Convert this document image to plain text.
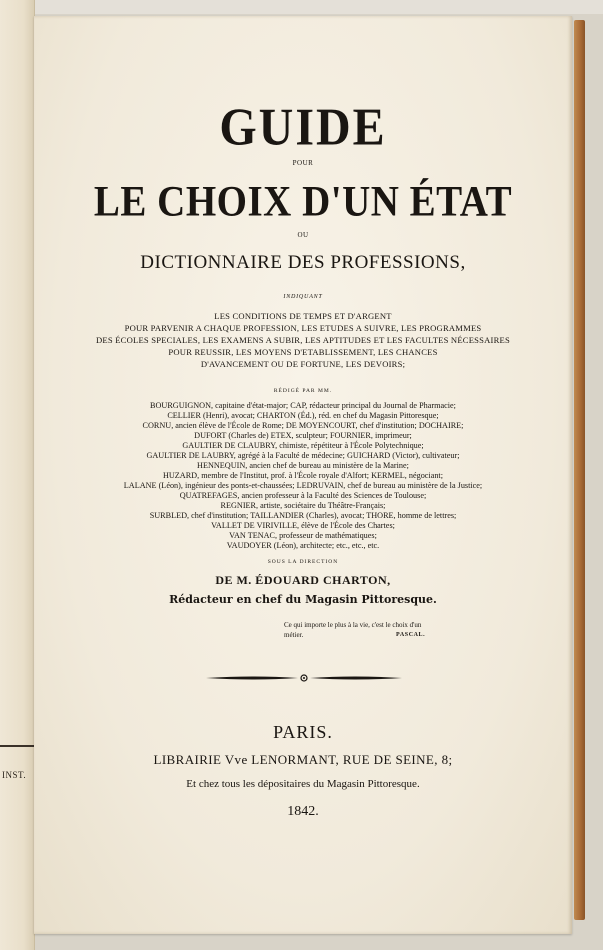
INST.
GUIDE
POUR
LE CHOIX D'UN ÉTAT
OU
DICTIONNAIRE DES PROFESSIONS,
INDIQUANT
LES CONDITIONS DE TEMPS ET D'ARGENT
POUR PARVENIR A CHAQUE PROFESSION, LES ETUDES A SUIVRE, LES PROGRAMMES
DES ÉCOLES SPECIALES, LES EXAMENS A SUBIR, LES APTITUDES ET LES FACULTES NÉCESSAIRES
POUR REUSSIR, LES MOYENS D'ETABLISSEMENT, LES CHANCES
D'AVANCEMENT OU DE FORTUNE, LES DEVOIRS;
RÉDIGÉ PAR MM.
BOURGUIGNON, capitaine d'état-major; CAP, rédacteur principal du Journal de Pharmacie;
CELLIER (Henri), avocat; CHARTON (Éd.), réd. en chef du Magasin Pittoresque;
CORNU, ancien élève de l'École de Rome; DE MOYENCOURT, chef d'institution; DOCHAIRE;
DUFORT (Charles de) ETEX, sculpteur; FOURNIER, imprimeur;
GAULTIER DE CLAUBRY, chimiste, répétiteur à l'École Polytechnique;
GAULTIER DE LAUBRY, agrégé à la Faculté de médecine; GUICHARD (Victor), cultivateur;
HENNEQUIN, ancien chef de bureau au ministère de la Marine;
HUZARD, membre de l'Institut, prof. à l'École royale d'Alfort; KERMEL, négociant;
LALANE (Léon), ingénieur des ponts-et-chaussées; LEDRUVAIN, chef de bureau au ministère de la Justice;
QUATREFAGES, ancien professeur à la Faculté des Sciences de Toulouse;
REGNIER, artiste, sociétaire du Théâtre-Français;
SURBLED, chef d'institution; TAILLANDIER (Charles), avocat; THORE, homme de lettres;
VALLET DE VIRIVILLE, élève de l'École des Chartes;
VAN TENAC, professeur de mathématiques;
VAUDOYER (Léon), architecte; etc., etc., etc.
SOUS LA DIRECTION
DE M. ÉDOUARD CHARTON,
Rédacteur en chef du Magasin Pittoresque.
Ce qui importe le plus à la vie, c'est le choix d'un
métier.	PASCAL.
PARIS.
LIBRAIRIE Vve LENORMANT, RUE DE SEINE, 8;
Et chez tous les dépositaires du Magasin Pittoresque.
1842.
